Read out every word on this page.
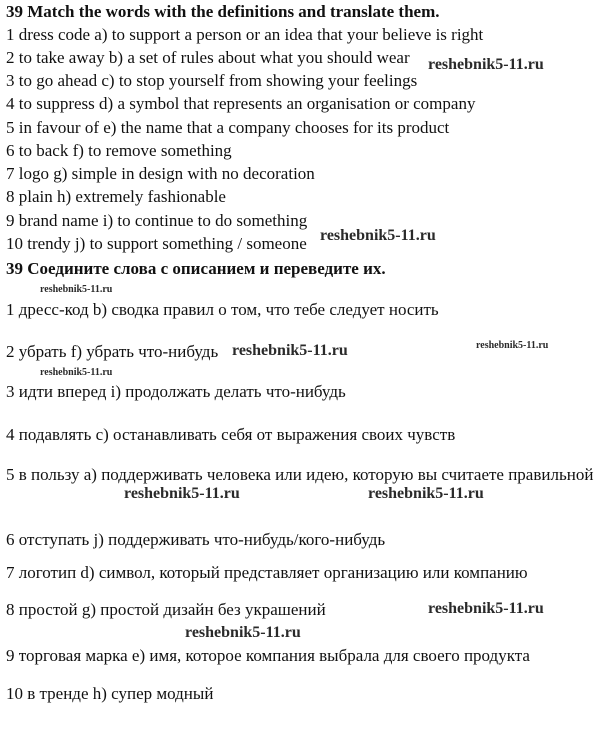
39 Match the words with the definitions and translate them.
1 dress code a) to support a person or an idea that your believe is right
2 to take away b) a set of rules about what you should wear
3 to go ahead c) to stop yourself from showing your feelings
4 to suppress d) a symbol that represents an organisation or company
5 in favour of e) the name that a company chooses for its product
6 to back f) to remove something
7 logo g) simple in design with no decoration
8 plain h) extremely fashionable
9 brand name i) to continue to do something
10 trendy j) to support something / someone
39 Соедините слова с описанием и переведите их.
1 дресс-код b) сводка правил о том, что тебе следует носить
2 убрать f) убрать что-нибудь
3 идти вперед i) продолжать делать что-нибудь
4 подавлять c) останавливать себя от выражения своих чувств
5 в пользу a) поддерживать человека или идею, которую вы считаете правильной
6 отступать j) поддерживать что-нибудь/кого-нибудь
7 логотип d) символ, который представляет организацию или компанию
8 простой g) простой дизайн без украшений
9 торговая марка e) имя, которое компания выбрала для своего продукта
10 в тренде h) супер модный
reshebnik5-11.ru
reshebnik5-11.ru
reshebnik5-11.ru
reshebnik5-11.ru	reshebnik5-11.ru
reshebnik5-11.ru
reshebnik5-11.ru	reshebnik5-11.ru
reshebnik5-11.ru
reshebnik5-11.ru
